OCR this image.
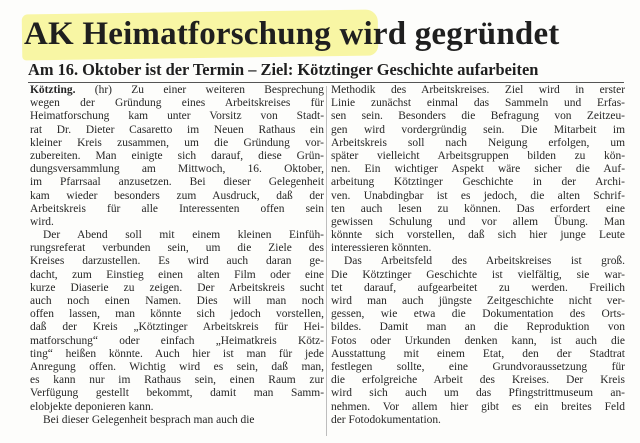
AK Heimatforschung wird gegründet
Am 16. Oktober ist der Termin – Ziel: Kötztinger Geschichte aufarbeiten
Kötzting. (hr) Zu einer weiteren Besprechung
wegen der Gründung eines Arbeitskreises für
Heimatforschung kam unter Vorsitz von Stadt-
rat Dr. Dieter Casaretto im Neuen Rathaus ein
kleiner Kreis zusammen, um die Gründung vor-
zubereiten. Man einigte sich darauf, diese Grün-
dungsversammlung am Mittwoch, 16. Oktober,
im Pfarrsaal anzusetzen. Bei dieser Gelegenheit
kam wieder besonders zum Ausdruck, daß der
Arbeitskreis für alle Interessenten offen sein
wird.
Der Abend soll mit einem kleinen Einfüh-
rungsreferat verbunden sein, um die Ziele des
Kreises darzustellen. Es wird auch daran ge-
dacht, zum Einstieg einen alten Film oder eine
kurze Diaserie zu zeigen. Der Arbeitskreis sucht
auch noch einen Namen. Dies will man noch
offen lassen, man könnte sich jedoch vorstellen,
daß der Kreis „Kötztinger Arbeitskreis für Hei-
matforschung“ oder einfach „Heimatkreis Kötz-
ting“ heißen könnte. Auch hier ist man für jede
Anregung offen. Wichtig wird es sein, daß man,
es kann nur im Rathaus sein, einen Raum zur
Verfügung gestellt bekommt, damit man Samm-
elobjekte deponieren kann.
Bei dieser Gelegenheit besprach man auch die
Methodik des Arbeitskreises. Ziel wird in erster
Linie zunächst einmal das Sammeln und Erfas-
sen sein. Besonders die Befragung von Zeitzeu-
gen wird vordergründig sein. Die Mitarbeit im
Arbeitskreis soll nach Neigung erfolgen, um
später vielleicht Arbeitsgruppen bilden zu kön-
nen. Ein wichtiger Aspekt wäre sicher die Auf-
arbeitung Kötztinger Geschichte in der Archi-
ven. Unabdingbar ist es jedoch, die alten Schrif-
ten auch lesen zu können. Das erfordert eine
gewissen Schulung und vor allem Übung. Man
könnte sich vorstellen, daß sich hier junge Leute
interessieren könnten.
Das Arbeitsfeld des Arbeitskreises ist groß.
Die Kötztinger Geschichte ist vielfältig, sie war-
tet darauf, aufgearbeitet zu werden. Freilich
wird man auch jüngste Zeitgeschichte nicht ver-
gessen, wie etwa die Dokumentation des Orts-
bildes. Damit man an die Reproduktion von
Fotos oder Urkunden denken kann, ist auch die
Ausstattung mit einem Etat, den der Stadtrat
festlegen sollte, eine Grundvoraussetzung für
die erfolgreiche Arbeit des Kreises. Der Kreis
wird sich auch um das Pfingstrittmuseum an-
nehmen. Vor allem hier gibt es ein breites Feld
der Fotodokumentation.
